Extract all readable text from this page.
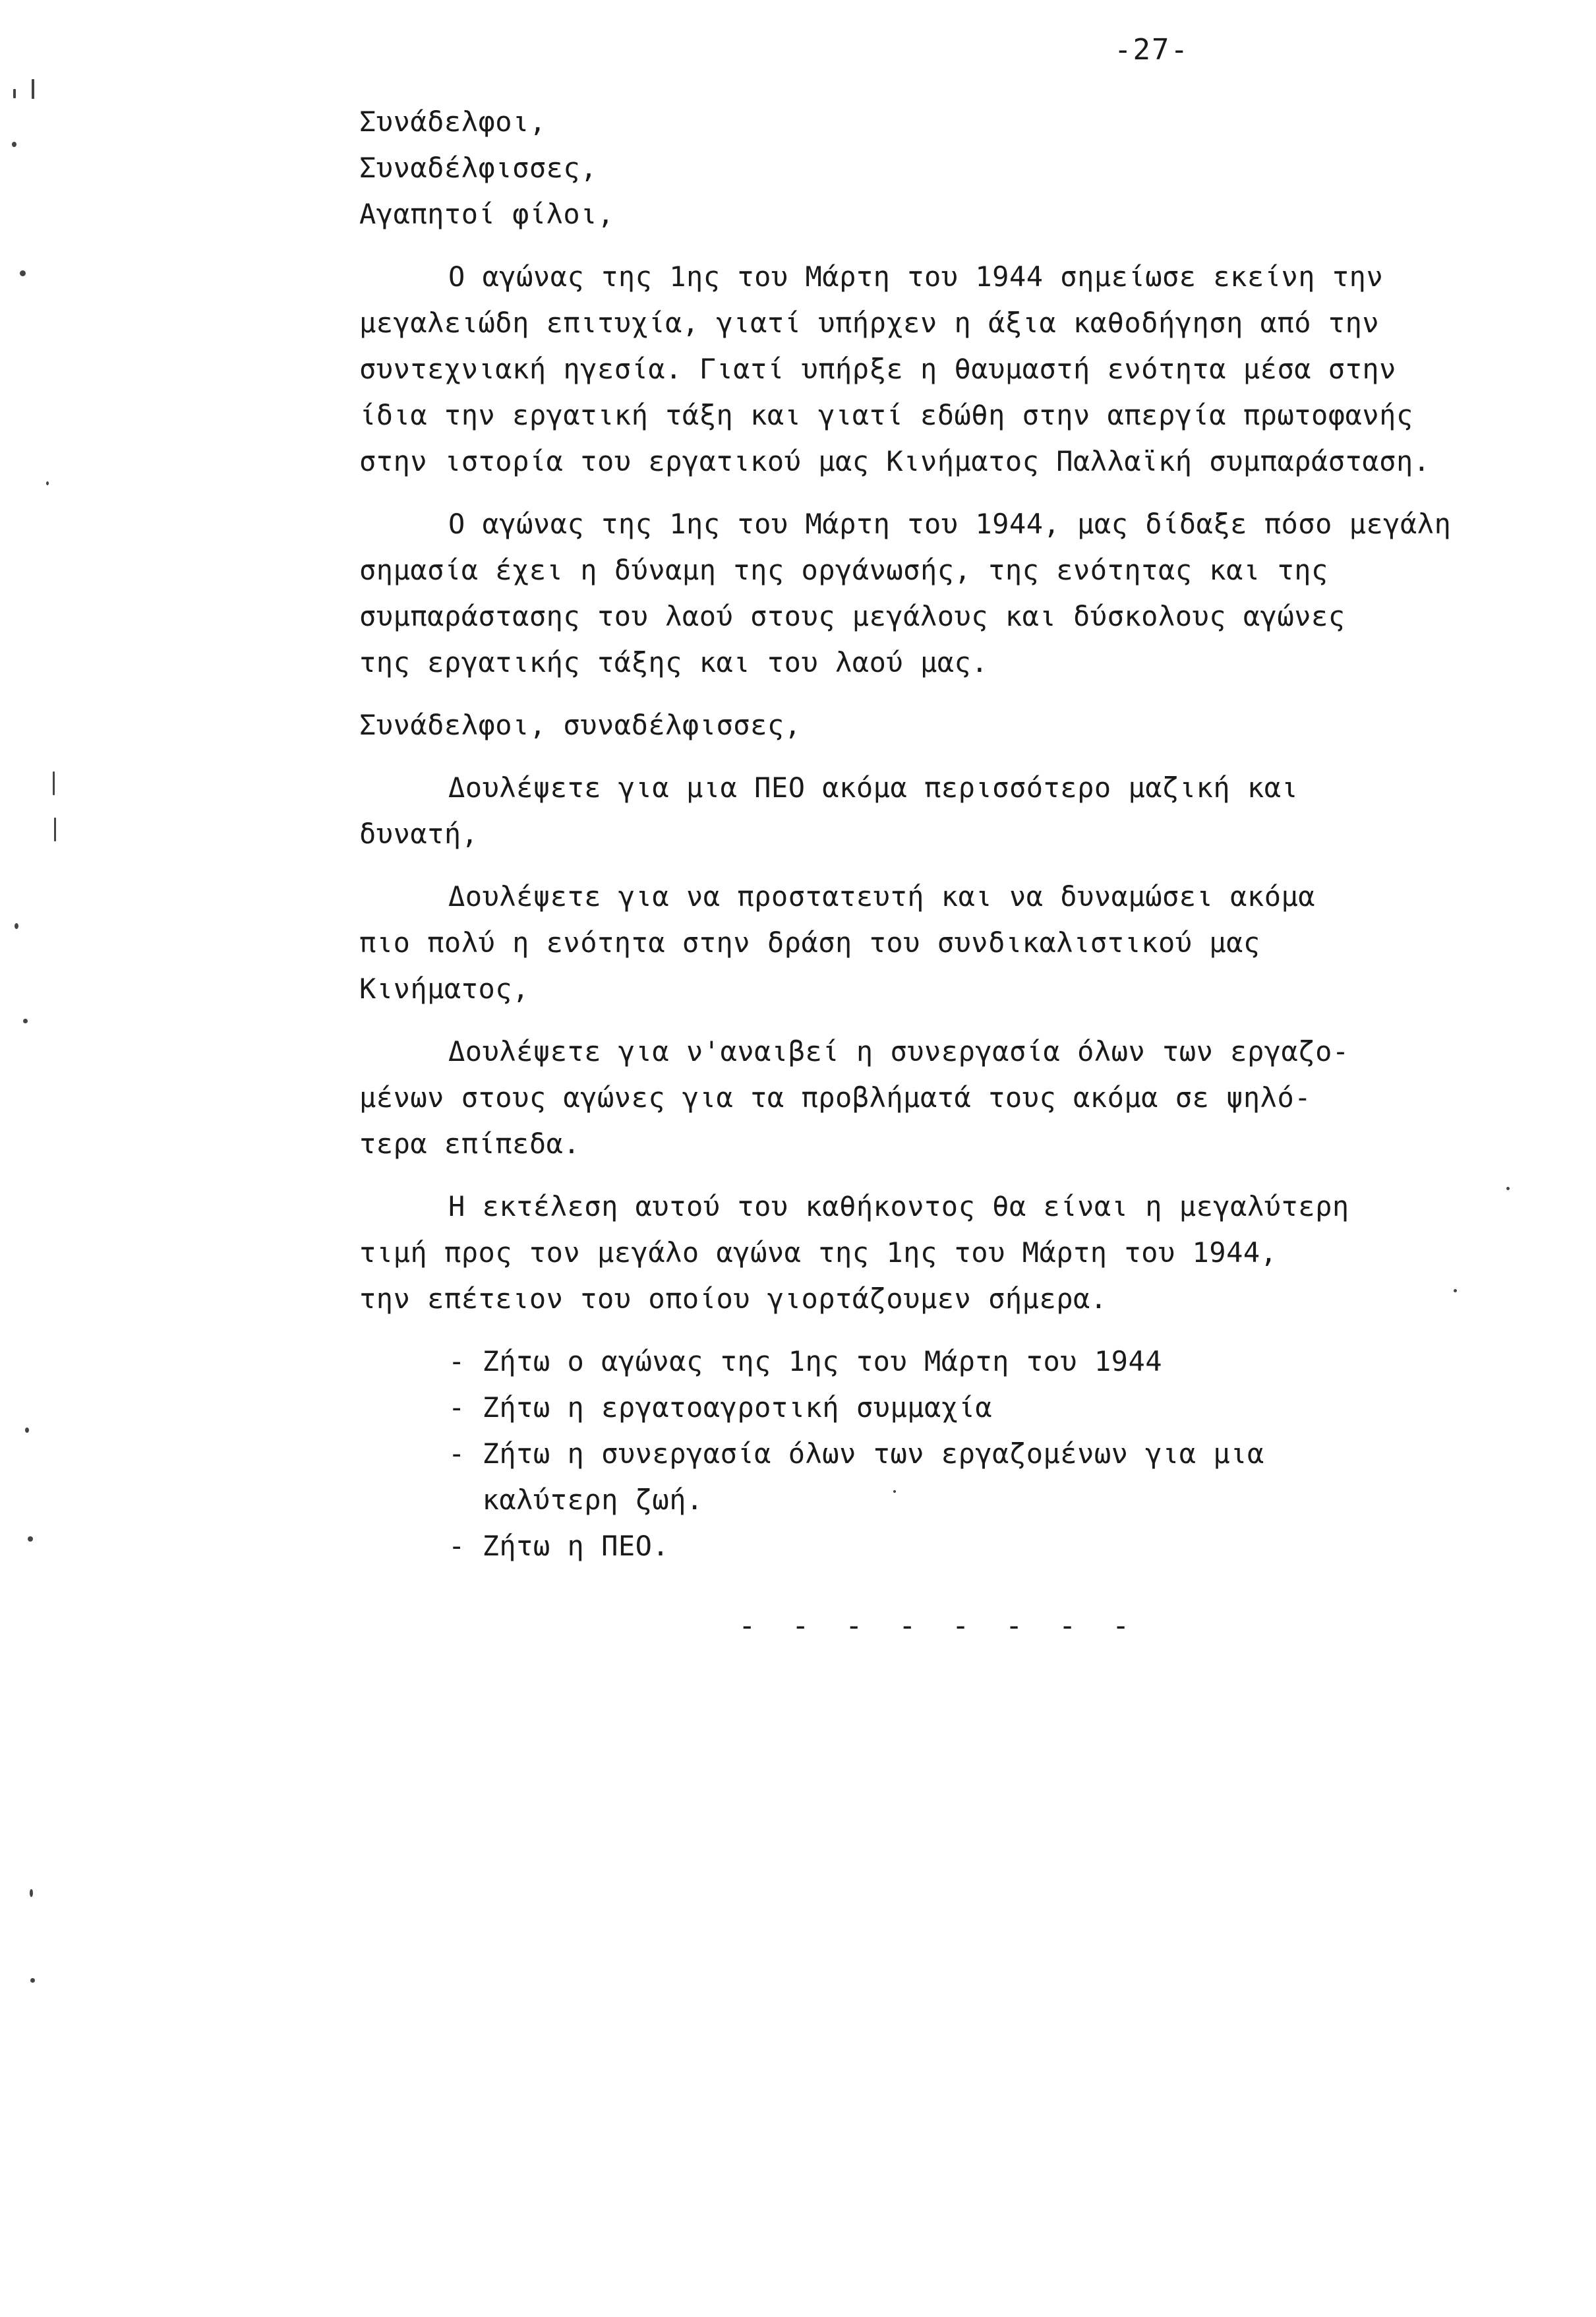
-27-
Συνάδελφοι,
Συναδέλφισσες,
Αγαπητοί φίλοι,
Ο αγώνας της 1ης του Μάρτη του 1944 σημείωσε εκείνη την
μεγαλειώδη επιτυχία, γιατί υπήρχεν η άξια καθοδήγηση από την
συντεχνιακή ηγεσία. Γιατί υπήρξε η θαυμαστή ενότητα μέσα στην
ίδια την εργατική τάξη και γιατί εδώθη στην απεργία πρωτοφανής
στην ιστορία του εργατικού μας Κινήματος Παλλαϊκή συμπαράσταση.
Ο αγώνας της 1ης του Μάρτη του 1944, μας δίδαξε πόσο μεγάλη
σημασία έχει η δύναμη της οργάνωσής, της ενότητας και της
συμπαράστασης του λαού στους μεγάλους και δύσκολους αγώνες
της εργατικής τάξης και του λαού μας.
Συνάδελφοι, συναδέλφισσες,
Δουλέψετε για μια ΠΕΟ ακόμα περισσότερο μαζική και
δυνατή,
Δουλέψετε για να προστατευτή και να δυναμώσει ακόμα
πιο πολύ η ενότητα στην δράση του συνδικαλιστικού μας
Κινήματος,
Δουλέψετε για ν'αναιβεί η συνεργασία όλων των εργαζο-
μένων στους αγώνες για τα προβλήματά τους ακόμα σε ψηλό-
τερα επίπεδα.
Η εκτέλεση αυτού του καθήκοντος θα είναι η μεγαλύτερη
τιμή προς τον μεγάλο αγώνα της 1ης του Μάρτη του 1944,
την επέτειον του οποίου γιορτάζουμεν σήμερα.
- Ζήτω ο αγώνας της 1ης του Μάρτη του 1944
- Ζήτω η εργατοαγροτική συμμαχία
- Ζήτω η συνεργασία όλων των εργαζομένων για μια
καλύτερη ζωή.
- Ζήτω η ΠΕΟ.
- - - - - - - -
